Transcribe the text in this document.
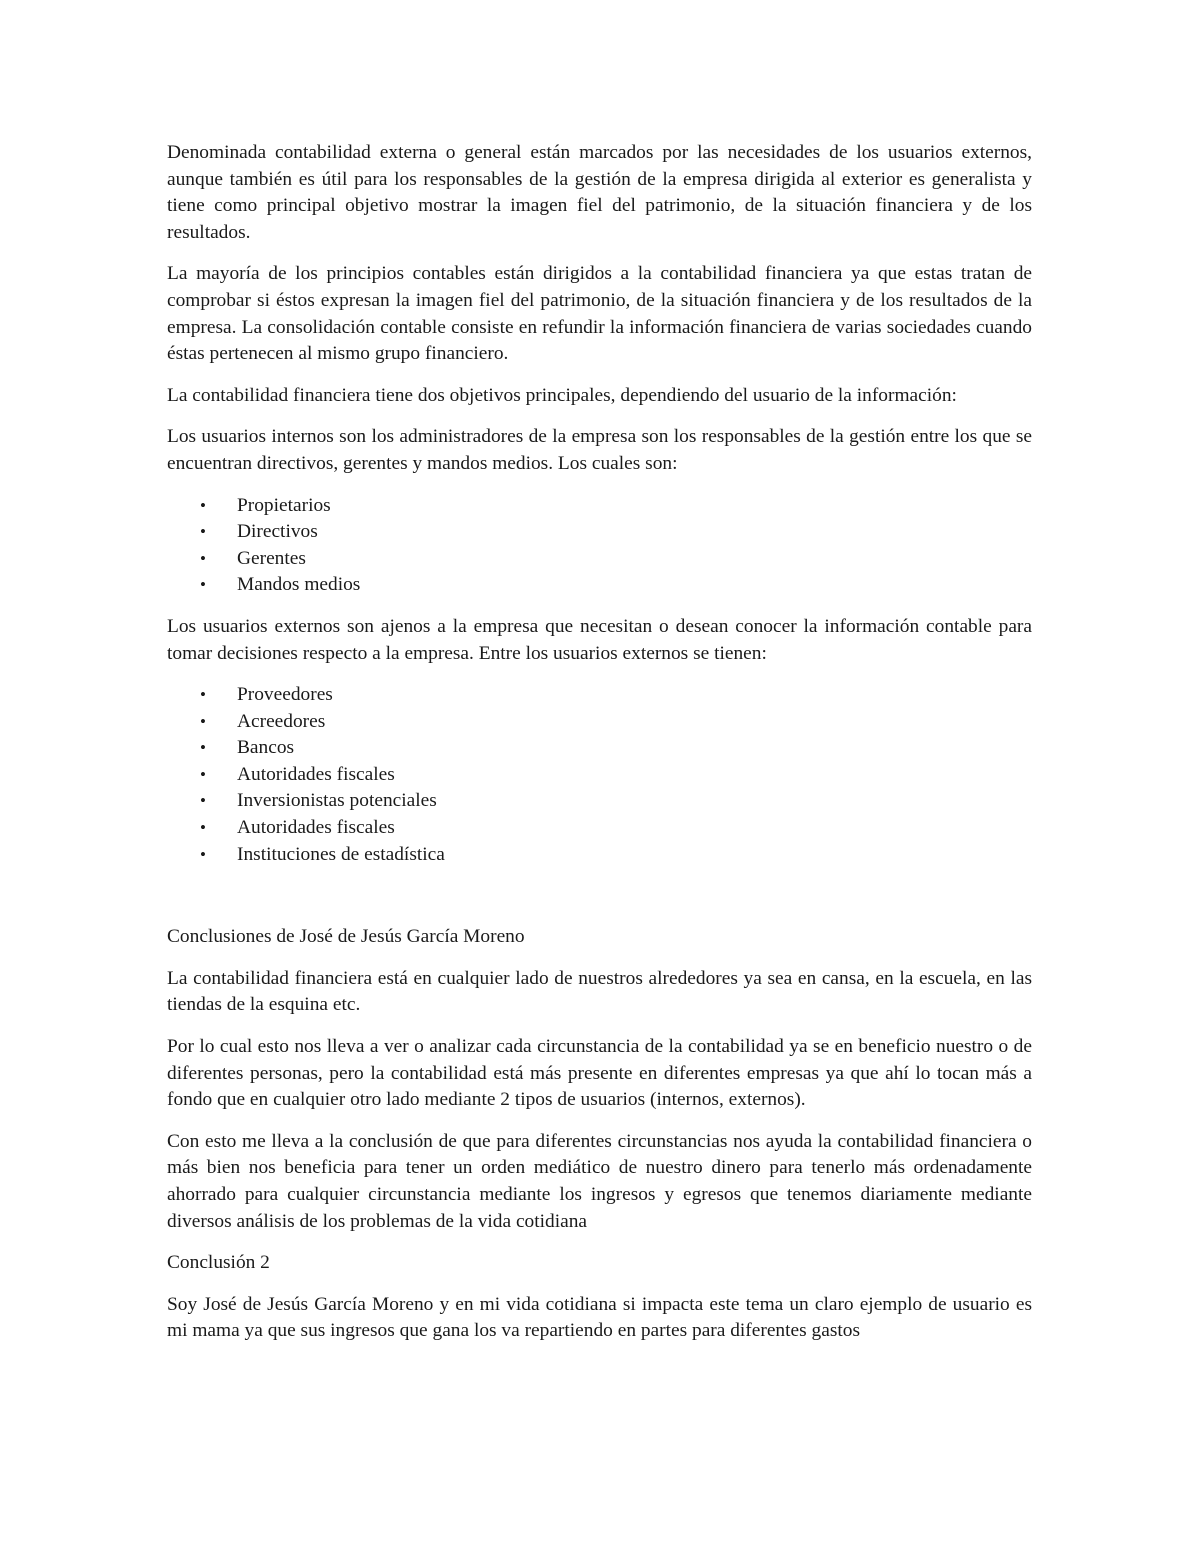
Denominada contabilidad externa o general están marcados por las necesidades de los usuarios externos, aunque también es útil para los responsables de la gestión de la empresa dirigida al exterior es generalista y tiene como principal objetivo mostrar la imagen fiel del patrimonio, de la situación financiera y de los resultados.

La mayoría de los principios contables están dirigidos a la contabilidad financiera ya que estas tratan de comprobar si éstos expresan la imagen fiel del patrimonio, de la situación financiera y de los resultados de la empresa. La consolidación contable consiste en refundir la información financiera de varias sociedades cuando éstas pertenecen al mismo grupo financiero.

La contabilidad financiera tiene dos objetivos principales, dependiendo del usuario de la información:

Los usuarios internos son los administradores de la empresa son los responsables de la gestión entre los que se encuentran directivos, gerentes y mandos medios. Los cuales son:

• Propietarios
• Directivos
• Gerentes
• Mandos medios

Los usuarios externos son ajenos a la empresa que necesitan o desean conocer la información contable para tomar decisiones respecto a la empresa. Entre los usuarios externos se tienen:

• Proveedores
• Acreedores
• Bancos
• Autoridades fiscales
• Inversionistas potenciales
• Autoridades fiscales
• Instituciones de estadística

Conclusiones de José de Jesús García Moreno

La contabilidad financiera está en cualquier lado de nuestros alrededores ya sea en cansa, en la escuela, en las tiendas de la esquina etc.

Por lo cual esto nos lleva a ver o analizar cada circunstancia de la contabilidad ya se en beneficio nuestro o de diferentes personas, pero la contabilidad está más presente en diferentes empresas ya que ahí lo tocan más a fondo que en cualquier otro lado mediante 2 tipos de usuarios (internos, externos).

Con esto me lleva a la conclusión de que para diferentes circunstancias nos ayuda la contabilidad financiera o más bien nos beneficia para tener un orden mediático de nuestro dinero para tenerlo más ordenadamente ahorrado para cualquier circunstancia mediante los ingresos y egresos que tenemos diariamente mediante diversos análisis de los problemas de la vida cotidiana

Conclusión 2

Soy José de Jesús García Moreno y en mi vida cotidiana si impacta este tema un claro ejemplo de usuario es mi mama ya que sus ingresos que gana los va repartiendo en partes para diferentes gastos
